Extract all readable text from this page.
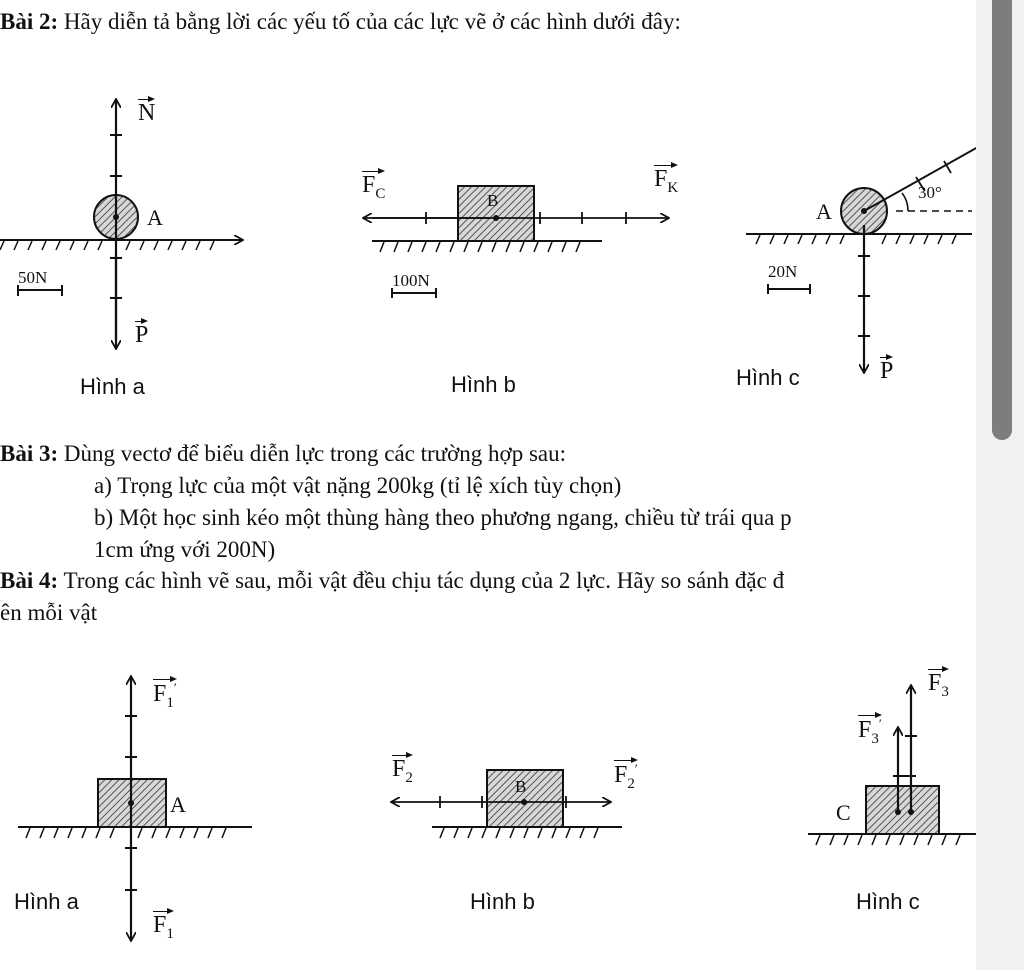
Bài 2: Hãy diễn tả bằng lời các yếu tố của các lực vẽ ở các hình dưới đây:
N
A
50N
P
Hình a
$F_C$
$F_K$
B
100N
Hình b
A
30°
20N
Hình c	P
Bài 3: Dùng vectơ để biểu diễn lực trong các trường hợp sau:
a) Trọng lực của một vật nặng 200kg (tỉ lệ xích tùy chọn)
b) Một học sinh kéo một thùng hàng theo phương ngang, chiều từ trái qua p
1cm ứng với 200N)
Bài 4: Trong các hình vẽ sau, mỗi vật đều chịu tác dụng của 2 lực. Hãy so sánh đặc đ
ên mỗi vật
$F_1'$
A
Hình a
$F_1$
$F_2$	B	$F_2'$
Hình b
$F_3$
$F_3'$
C
Hình c
